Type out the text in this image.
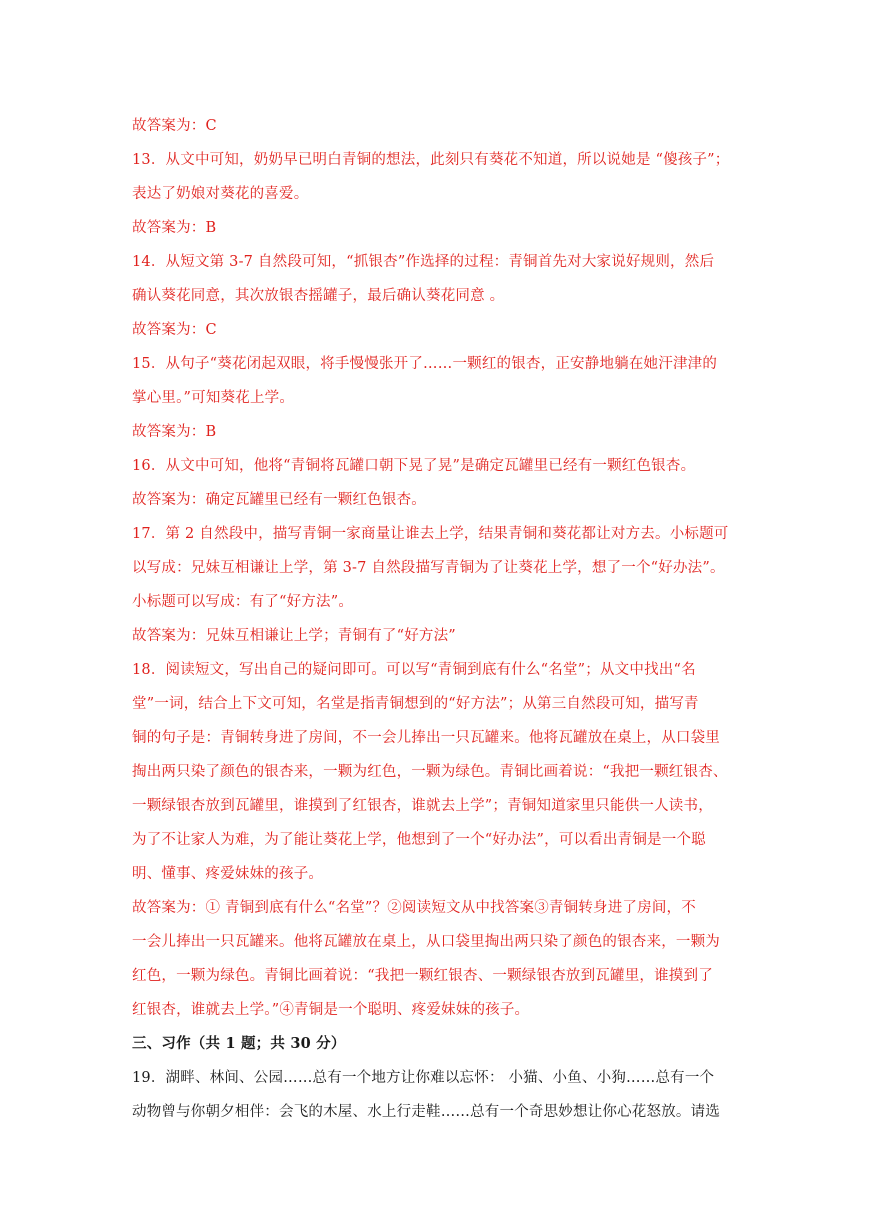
故答案为：C
13．从文中可知，奶奶早已明白青铜的想法，此刻只有葵花不知道，所以说她是 “傻孩子”；
表达了奶娘对葵花的喜爱。
故答案为：B
14．从短文第 3-7 自然段可知，“抓银杏”作选择的过程：青铜首先对大家说好规则，然后
确认葵花同意，其次放银杏摇罐子，最后确认葵花同意 。
故答案为：C
15．从句子“葵花闭起双眼，将手慢慢张开了……一颗红的银杏，正安静地躺在她汗津津的
掌心里。”可知葵花上学。
故答案为：B
16．从文中可知，他将“青铜将瓦罐口朝下晃了晃”是确定瓦罐里已经有一颗红色银杏。
故答案为：确定瓦罐里已经有一颗红色银杏。
17．第 2 自然段中，描写青铜一家商量让谁去上学，结果青铜和葵花都让对方去。小标题可
以写成：兄妹互相谦让上学，第 3-7 自然段描写青铜为了让葵花上学，想了一个“好办法”。
小标题可以写成：有了“好方法”。
故答案为：兄妹互相谦让上学；青铜有了“好方法”
18．阅读短文，写出自己的疑问即可。可以写“青铜到底有什么“名堂”；从文中找出“名
堂”一词，结合上下文可知，名堂是指青铜想到的“好方法”；从第三自然段可知，描写青
铜的句子是：青铜转身进了房间，不一会儿捧出一只瓦罐来。他将瓦罐放在桌上，从口袋里
掏出两只染了颜色的银杏来，一颗为红色，一颗为绿色。青铜比画着说：“我把一颗红银杏、
一颗绿银杏放到瓦罐里，谁摸到了红银杏，谁就去上学”；青铜知道家里只能供一人读书，
为了不让家人为难，为了能让葵花上学，他想到了一个“好办法”，可以看出青铜是一个聪
明、懂事、疼爱妹妹的孩子。
故答案为：① 青铜到底有什么“名堂”？②阅读短文从中找答案③青铜转身进了房间，不
一会儿捧出一只瓦罐来。他将瓦罐放在桌上，从口袋里掏出两只染了颜色的银杏来，一颗为
红色，一颗为绿色。青铜比画着说：“我把一颗红银杏、一颗绿银杏放到瓦罐里，谁摸到了
红银杏，谁就去上学。”④青铜是一个聪明、疼爱妹妹的孩子。
三、习作（共 1 题；共 30 分）
19．湖畔、林间、公园……总有一个地方让你难以忘怀： 小猫、小鱼、小狗……总有一个
动物曾与你朝夕相伴：会飞的木屋、水上行走鞋……总有一个奇思妙想让你心花怒放。请选
